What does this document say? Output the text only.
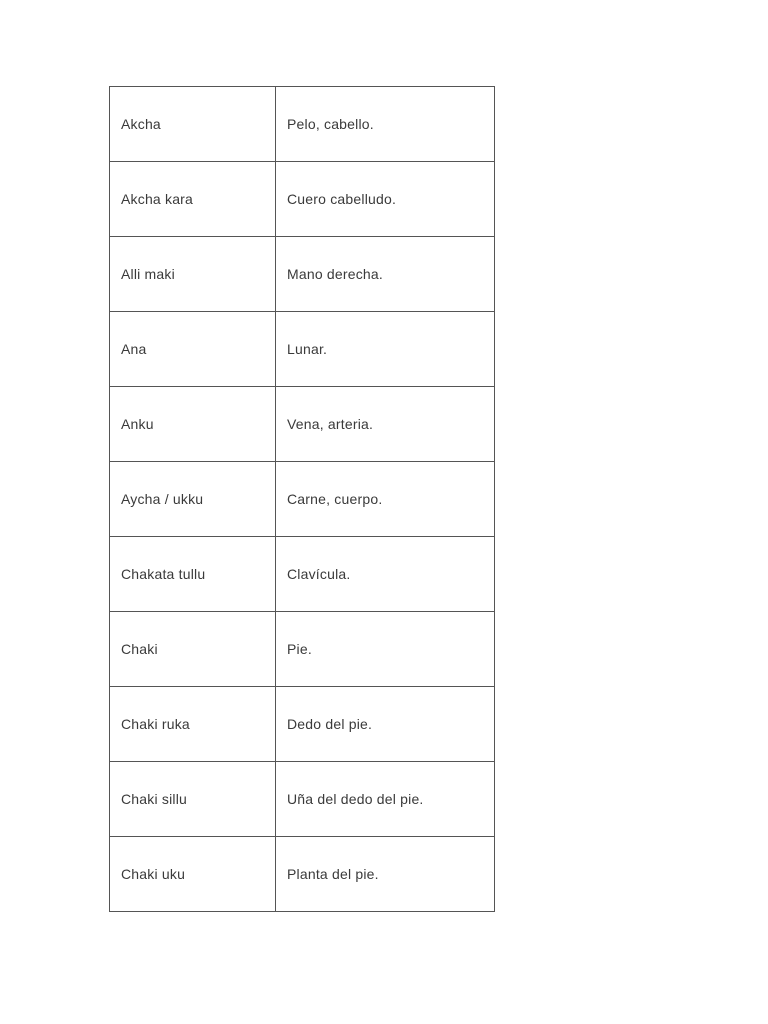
Akcha	Pelo, cabello.
Akcha kara	Cuero cabelludo.
Alli maki	Mano derecha.
Ana	Lunar.
Anku	Vena, arteria.
Aycha / ukku	Carne, cuerpo.
Chakata tullu	Clavícula.
Chaki	Pie.
Chaki ruka	Dedo del pie.
Chaki sillu	Uña del dedo del pie.
Chaki uku	Planta del pie.
